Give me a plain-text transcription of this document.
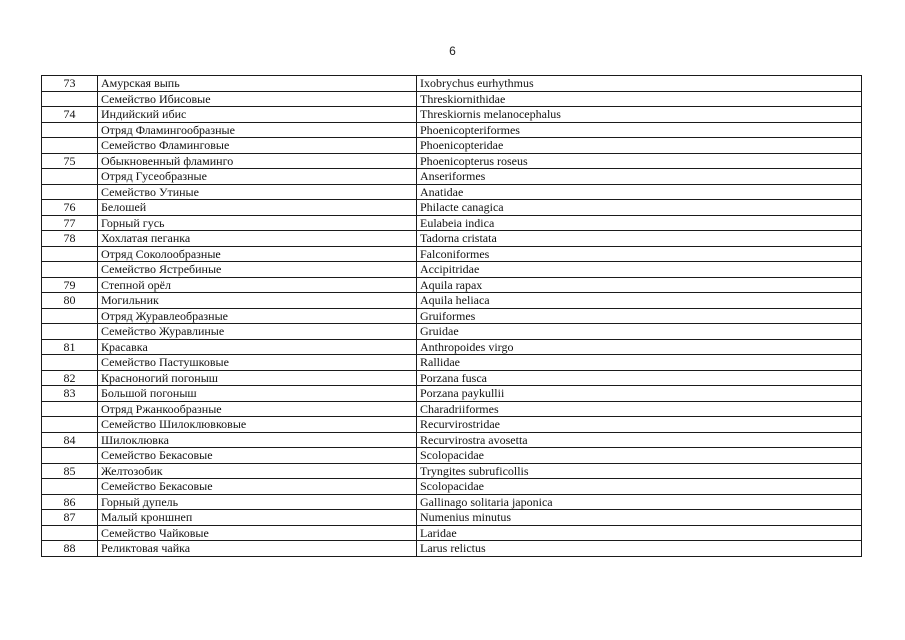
6
73	Амурская выпь	Ixobrychus eurhythmus
	Семейство Ибисовые	Threskiornithidae
74	Индийский ибис	Threskiornis melanocephalus
	Отряд Фламингообразные	Phoenicopteriformes
	Семейство Фламинговые	Phoenicopteridae
75	Обыкновенный фламинго	Phoenicopterus roseus
	Отряд Гусеобразные	Anseriformes
	Семейство Утиные	Anatidae
76	Белошей	Philacte canagica
77	Горный гусь	Eulabeia indica
78	Хохлатая пеганка	Tadorna cristata
	Отряд Соколообразные	Falconiformes
	Семейство Ястребиные	Accipitridae
79	Степной орёл	Aquila rapax
80	Могильник	Aquila heliaca
	Отряд Журавлеобразные	Gruiformes
	Семейство Журавлиные	Gruidae
81	Красавка	Anthropoides virgo
	Семейство Пастушковые	Rallidae
82	Красноногий погоныш	Porzana fusca
83	Большой погоныш	Porzana paykullii
	Отряд Ржанкообразные	Charadriiformes
	Семейство Шилоклювковые	Recurvirostridae
84	Шилоклювка	Recurvirostra avosetta
	Семейство Бекасовые	Scolopacidae
85	Желтозобик	Tryngites subruficollis
	Семейство Бекасовые	Scolopacidae
86	Горный дупель	Gallinago solitaria japonica
87	Малый кроншнеп	Numenius minutus
	Семейство Чайковые	Laridae
88	Реликтовая чайка	Larus relictus
